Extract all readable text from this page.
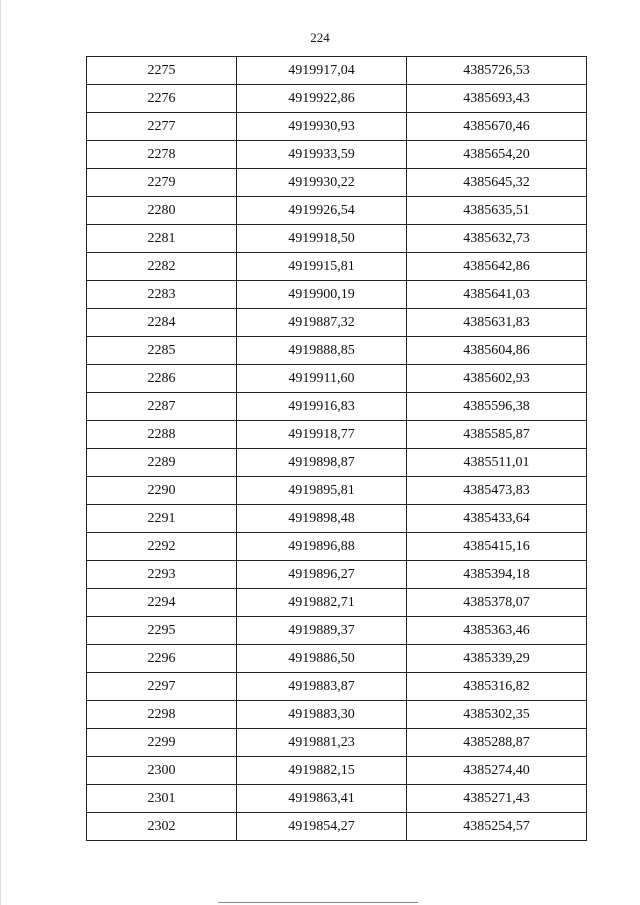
224
2275	4919917,04	4385726,53
2276	4919922,86	4385693,43
2277	4919930,93	4385670,46
2278	4919933,59	4385654,20
2279	4919930,22	4385645,32
2280	4919926,54	4385635,51
2281	4919918,50	4385632,73
2282	4919915,81	4385642,86
2283	4919900,19	4385641,03
2284	4919887,32	4385631,83
2285	4919888,85	4385604,86
2286	4919911,60	4385602,93
2287	4919916,83	4385596,38
2288	4919918,77	4385585,87
2289	4919898,87	4385511,01
2290	4919895,81	4385473,83
2291	4919898,48	4385433,64
2292	4919896,88	4385415,16
2293	4919896,27	4385394,18
2294	4919882,71	4385378,07
2295	4919889,37	4385363,46
2296	4919886,50	4385339,29
2297	4919883,87	4385316,82
2298	4919883,30	4385302,35
2299	4919881,23	4385288,87
2300	4919882,15	4385274,40
2301	4919863,41	4385271,43
2302	4919854,27	4385254,57
